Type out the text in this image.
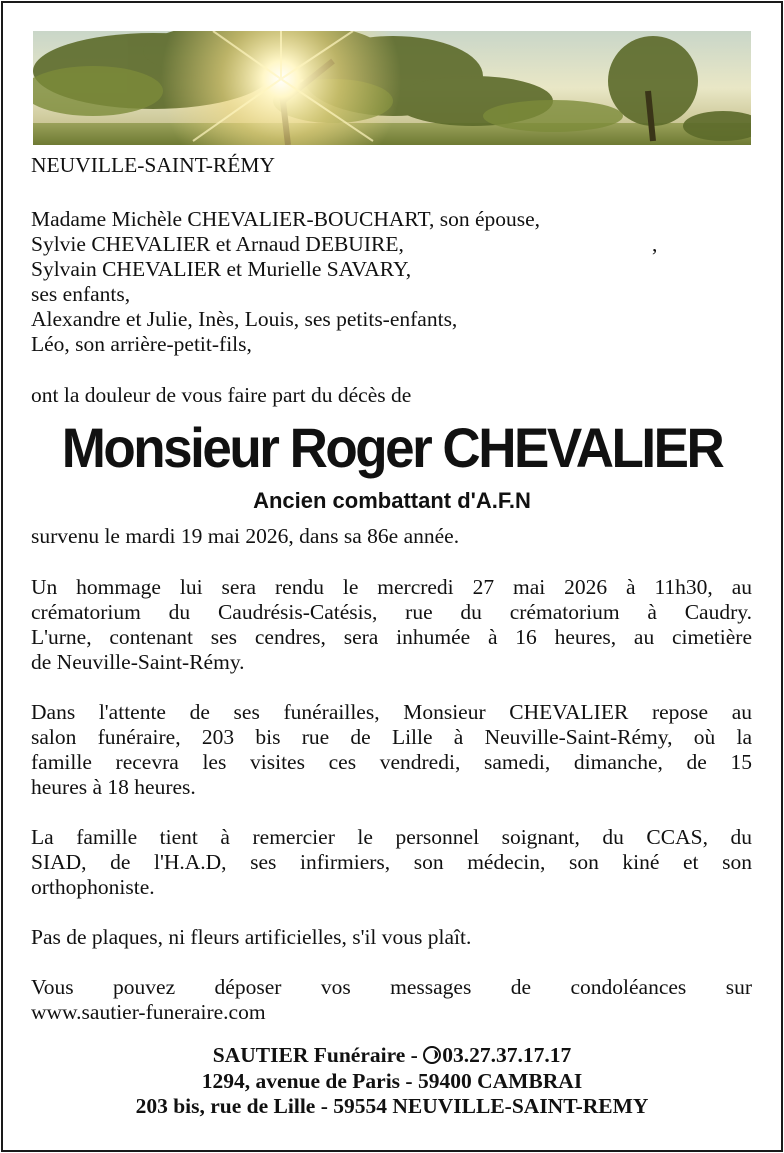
NEUVILLE-SAINT-RÉMY
Madame Michèle CHEVALIER-BOUCHART, son épouse,
Sylvie CHEVALIER et Arnaud DEBUIRE,	,
Sylvain CHEVALIER et Murielle SAVARY,
ses enfants,
Alexandre et Julie, Inès, Louis, ses petits-enfants,
Léo, son arrière-petit-fils,
ont la douleur de vous faire part du décès de
Monsieur Roger CHEVALIER
Ancien combattant d'A.F.N
survenu le mardi 19 mai 2026, dans sa 86e année.
Un hommage lui sera rendu le mercredi 27 mai 2026 à 11h30, au
crématorium du Caudrésis-Catésis, rue du crématorium à Caudry.
L'urne, contenant ses cendres, sera inhumée à 16 heures, au cimetière
de Neuville-Saint-Rémy.
Dans l'attente de ses funérailles, Monsieur CHEVALIER repose au
salon funéraire, 203 bis rue de Lille à Neuville-Saint-Rémy, où la
famille recevra les visites ces vendredi, samedi, dimanche, de 15
heures à 18 heures.
La famille tient à remercier le personnel soignant, du CCAS, du
SIAD, de l'H.A.D, ses infirmiers, son médecin, son kiné et son
orthophoniste.
Pas de plaques, ni fleurs artificielles, s'il vous plaît.
Vous pouvez déposer vos messages de condoléances sur
www.sautier-funeraire.com
SAUTIER Funéraire - 03.27.37.17.17
1294, avenue de Paris - 59400 CAMBRAI
203 bis, rue de Lille - 59554 NEUVILLE-SAINT-REMY
